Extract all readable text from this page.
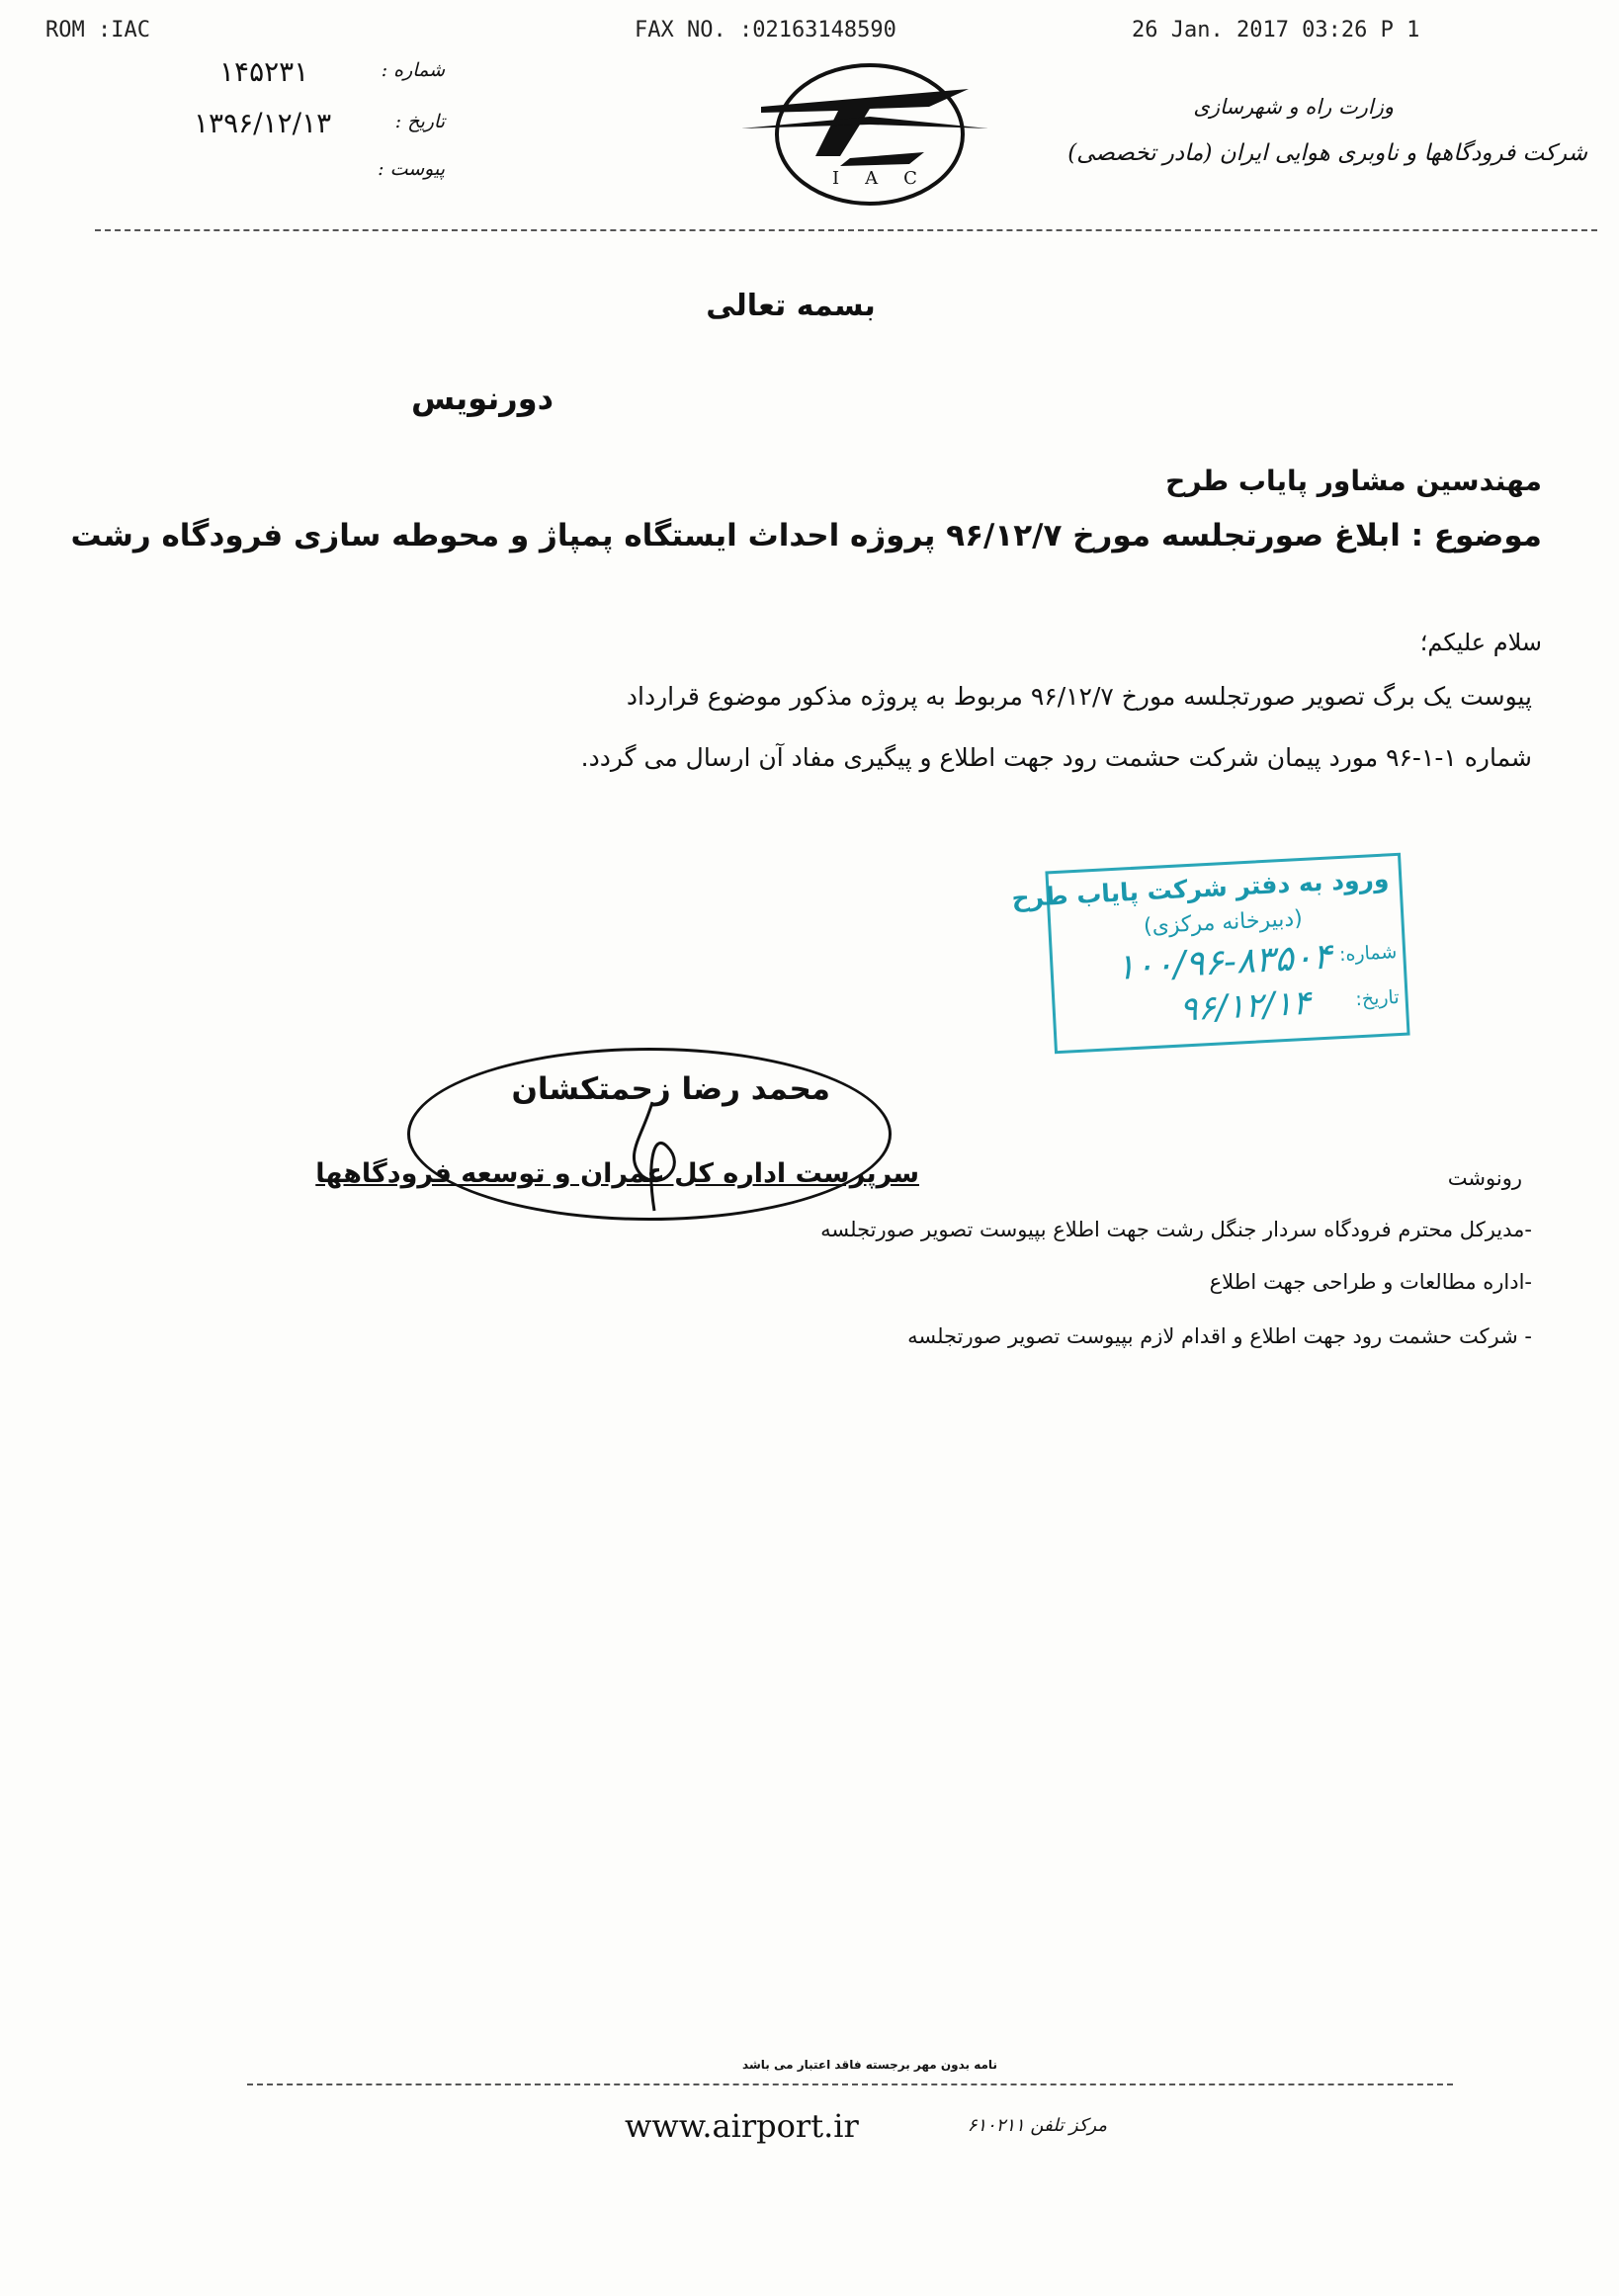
ROM :IAC	FAX NO. :02163148590	26 Jan. 2017 03:26 P 1
۱۴۵۲۳۱	شماره :
۱۳۹۶/۱۲/۱۳	تاریخ :
پیوست :	IAC
وزارت راه و شهرسازی
شرکت فرودگاهها و ناوبری هوایی ایران (مادر تخصصی)
بسمه تعالی
دورنویس
مهندسین مشاور پایاب طرح
موضوع : ابلاغ صورتجلسه مورخ ۹۶/۱۲/۷ پروژه احداث ایستگاه پمپاژ و محوطه سازی فرودگاه رشت
سلام علیکم؛
پیوست یک برگ تصویر صورتجلسه مورخ ۹۶/۱۲/۷ مربوط به پروژه مذکور موضوع قرارداد
شماره ۱-۱-۹۶ مورد پیمان شرکت حشمت رود جهت اطلاع و پیگیری مفاد آن ارسال می گردد.
ورود به دفتر شرکت پایاب طرح
(دبیرخانه مرکزی)
شماره:
۱۰۰/۹۶-۸۳۵۰۴
تاریخ:
۹۶/۱۲/۱۴
محمد رضا زحمتکشان
سرپرست اداره کل عمران و توسعه فرودگاهها	رونوشت
-مدیرکل محترم فرودگاه سردار جنگل رشت جهت اطلاع بپیوست تصویر صورتجلسه
-اداره مطالعات و طراحی جهت اطلاع
- شرکت حشمت رود جهت اطلاع و اقدام لازم بپیوست تصویر صورتجلسه
نامه بدون مهر برجسته فاقد اعتبار می باشد
www.airport.ir	مرکز تلفن ۶۱۰۲۱۱
